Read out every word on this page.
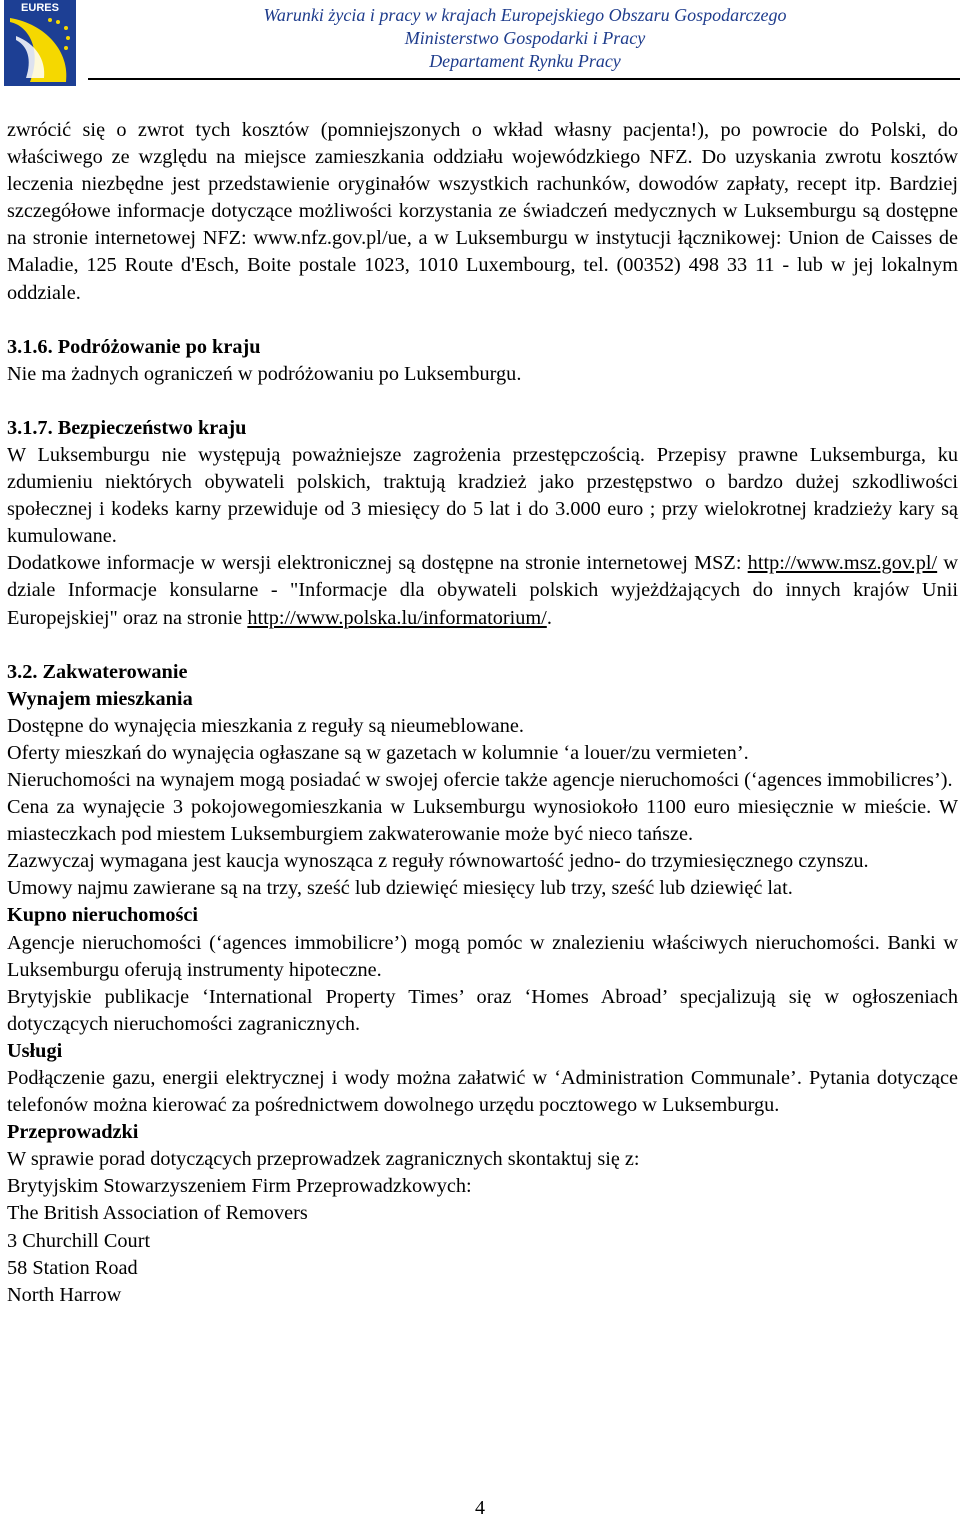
EURES	Warunki życia i pracy w krajach Europejskiego Obszaru Gospodarczego
Ministerstwo Gospodarki i Pracy
Departament Rynku Pracy

zwrócić się o zwrot tych kosztów (pomniejszonych o wkład własny pacjenta!), po powrocie do Polski, do właściwego ze względu na miejsce zamieszkania oddziału wojewódzkiego NFZ. Do uzyskania zwrotu kosztów leczenia niezbędne jest przedstawienie oryginałów wszystkich rachunków, dowodów zapłaty, recept itp. Bardziej szczegółowe informacje dotyczące możliwości korzystania ze świadczeń medycznych w Luksemburgu są dostępne na stronie internetowej NFZ: www.nfz.gov.pl/ue, a w Luksemburgu w instytucji łącznikowej: Union de Caisses de Maladie, 125 Route d'Esch, Boite postale 1023, 1010 Luxembourg, tel. (00352) 498 33 11 - lub w jej lokalnym oddziale.

3.1.6. Podróżowanie po kraju

Nie ma żadnych ograniczeń w podróżowaniu po Luksemburgu.

3.1.7. Bezpieczeństwo kraju

W Luksemburgu nie występują poważniejsze zagrożenia przestępczością. Przepisy prawne Luksemburga, ku zdumieniu niektórych obywateli polskich, traktują kradzież jako przestępstwo o bardzo dużej szkodliwości społecznej i kodeks karny przewiduje od 3 miesięcy do 5 lat i do 3.000 euro ; przy wielokrotnej kradzieży kary są kumulowane.

Dodatkowe informacje w wersji elektronicznej są dostępne na stronie internetowej MSZ: http://www.msz.gov.pl/ w dziale Informacje konsularne - "Informacje dla obywateli polskich wyjeżdżających do innych krajów Unii Europejskiej" oraz na stronie http://www.polska.lu/informatorium/.

3.2. Zakwaterowanie
Wynajem mieszkania

Dostępne do wynajęcia mieszkania z reguły są nieumeblowane.

Oferty mieszkań do wynajęcia ogłaszane są w gazetach w kolumnie ‘a louer/zu vermieten’.

Nieruchomości na wynajem mogą posiadać w swojej ofercie także agencje nieruchomości (‘agences immobilicres’).

Cena za wynajęcie 3 pokojowegomieszkania w Luksemburgu wynosiokoło 1100 euro miesięcznie w mieście. W miasteczkach pod miestem Luksemburgiem zakwaterowanie może być nieco tańsze.

Zazwyczaj wymagana jest kaucja wynosząca z reguły równowartość jedno- do trzymiesięcznego czynszu.

Umowy najmu zawierane są na trzy, sześć lub dziewięć miesięcy lub trzy, sześć lub dziewięć lat.

Kupno nieruchomości

Agencje nieruchomości (‘agences immobilicre’) mogą pomóc w znalezieniu właściwych nieruchomości. Banki w Luksemburgu oferują instrumenty hipoteczne.

Brytyjskie publikacje ‘International Property Times’ oraz ‘Homes Abroad’ specjalizują się w ogłoszeniach dotyczących nieruchomości zagranicznych.

Usługi

Podłączenie gazu, energii elektrycznej i wody można załatwić w ‘Administration Communale’. Pytania dotyczące telefonów można kierować za pośrednictwem dowolnego urzędu pocztowego w Luksemburgu.

Przeprowadzki

W sprawie porad dotyczących przeprowadzek zagranicznych skontaktuj się z:

Brytyjskim Stowarzyszeniem Firm Przeprowadzkowych:
The British Association of Removers
3 Churchill Court
58 Station Road
North Harrow
4
